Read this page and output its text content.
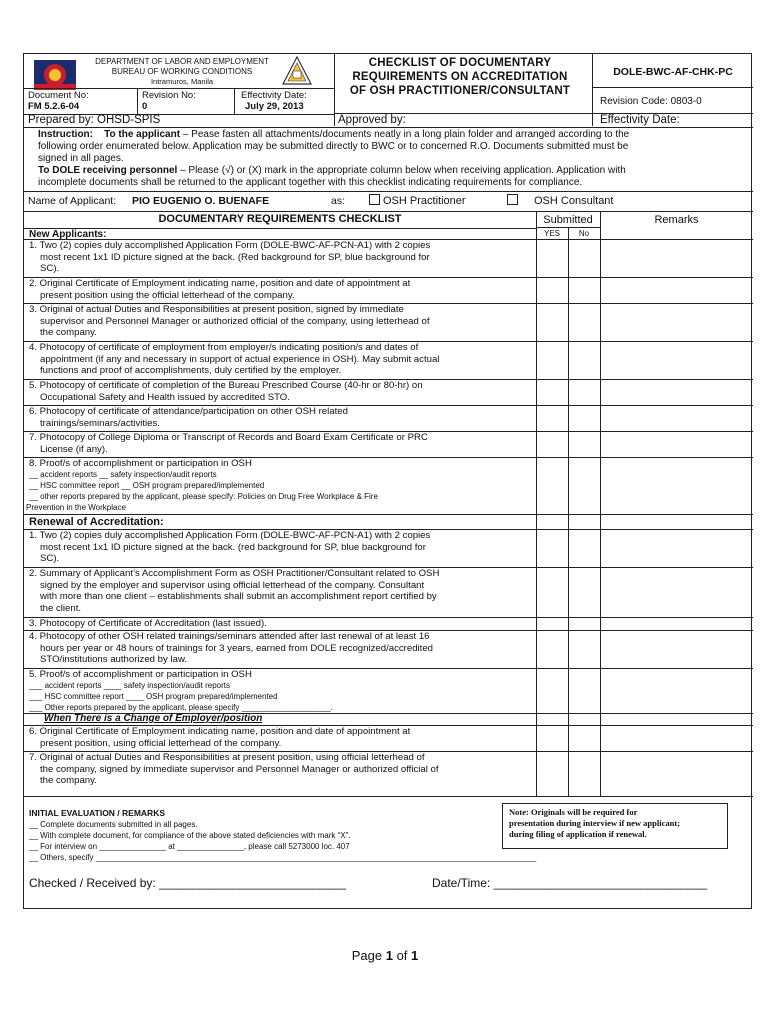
DEPARTMENT OF LABOR AND EMPLOYMENT
BUREAU OF WORKING CONDITIONS
Intramuros, Manila
Document No:
FM 5.2.6-04
Revision No:
0
Effectivity Date:
July 29, 2013
CHECKLIST OF DOCUMENTARY
REQUIREMENTS ON ACCREDITATION
OF OSH PRACTITIONER/CONSULTANT
DOLE-BWC-AF-CHK-PC
Revision Code: 0803-0
Prepared by: OHSD-SPIS	Approved by:	Effectivity Date:
Instruction: To the applicant – Pease fasten all attachments/documents neatly in a long plain folder and arranged according to the
following order enumerated below. Application may be submitted directly to BWC or to concerned R.O. Documents submitted must be
signed in all pages.
To DOLE receiving personnel – Please (√) or (X) mark in the appropriate column below when receiving application. Application with
incomplete documents shall be returned to the applicant together with this checklist indicating requirements for compliance.
Name of Applicant: PIO EUGENIO O. BUENAFE	as:	OSH Practitioner	OSH Consultant
DOCUMENTARY REQUIREMENTS CHECKLIST	Submitted	Remarks
YES	No
New Applicants:
1. Two (2) copies duly accomplished Application Form (DOLE-BWC-AF-PCN-A1) with 2 copies
most recent 1x1 ID picture signed at the back. (Red background for SP, blue background for
SC).
2. Original Certificate of Employment indicating name, position and date of appointment at
present position using the official letterhead of the company.
3. Original of actual Duties and Responsibilities at present position, signed by immediate
supervisor and Personnel Manager or authorized official of the company, using letterhead of
the company.
4. Photocopy of certificate of employment from employer/s indicating position/s and dates of
appointment (if any and necessary in support of actual experience in OSH). May submit actual
functions and proof of accomplishments, duly certified by the employer.
5. Photocopy of certificate of completion of the Bureau Prescribed Course (40-hr or 80-hr) on
Occupational Safety and Health issued by accredited STO.
6. Photocopy of certificate of attendance/participation on other OSH related
trainings/seminars/activities.
7. Photocopy of College Diploma or Transcript of Records and Board Exam Certificate or PRC
License (if any).
8. Proof/s of accomplishment or participation in OSH
__ accident reports __ safety inspection/audit reports
__ HSC committee report __ OSH program prepared/implemented
__ other reports prepared by the applicant, please specify: Policies on Drug Free Workplace & Fire
Prevention in the Workplace
Renewal of Accreditation:
1. Two (2) copies duly accomplished Application Form (DOLE-BWC-AF-PCN-A1) with 2 copies
most recent 1x1 ID picture signed at the back. (red background for SP, blue background for
SC).
2. Summary of Applicant’s Accomplishment Form as OSH Practitioner/Consultant related to OSH
signed by the employer and supervisor using official letterhead of the company. Consultant
with more than one client – establishments shall submit an accomplishment report certified by
the client.
3. Photocopy of Certificate of Accreditation (last issued).
4. Photocopy of other OSH related trainings/seminars attended after last renewal of at least 16
hours per year or 48 hours of trainings for 3 years, earned from DOLE recognized/accredited
STO/institutions authorized by law.
5. Proof/s of accomplishment or participation in OSH
___ accident reports ____ safety inspection/audit reports
___ HSC committee report ____ OSH program prepared/implemented
___ Other reports prepared by the applicant, please specify ____________________.
When There is a Change of Employer/position
6. Original Certificate of Employment indicating name, position and date of appointment at
present position, using official letterhead of the company.
7. Original of actual Duties and Responsibilities at present position, using official letterhead of
the company, signed by immediate supervisor and Personnel Manager or authorized official of
the company.
INITIAL EVALUATION / REMARKS
__ Complete documents submitted in all pages.
__ With complete document, for compliance of the above stated deficiencies with mark “X”.
__ For interview on _______________ at _______________, please call 5273000 loc. 407
__ Others, specify ___________________________________________________________________________________________________
Note: Originals will be required for
presentation during interview if new applicant;
during filing of application if renewal.
Checked / Received by: ____________________________	Date/Time: ________________________________
Page 1 of 1
